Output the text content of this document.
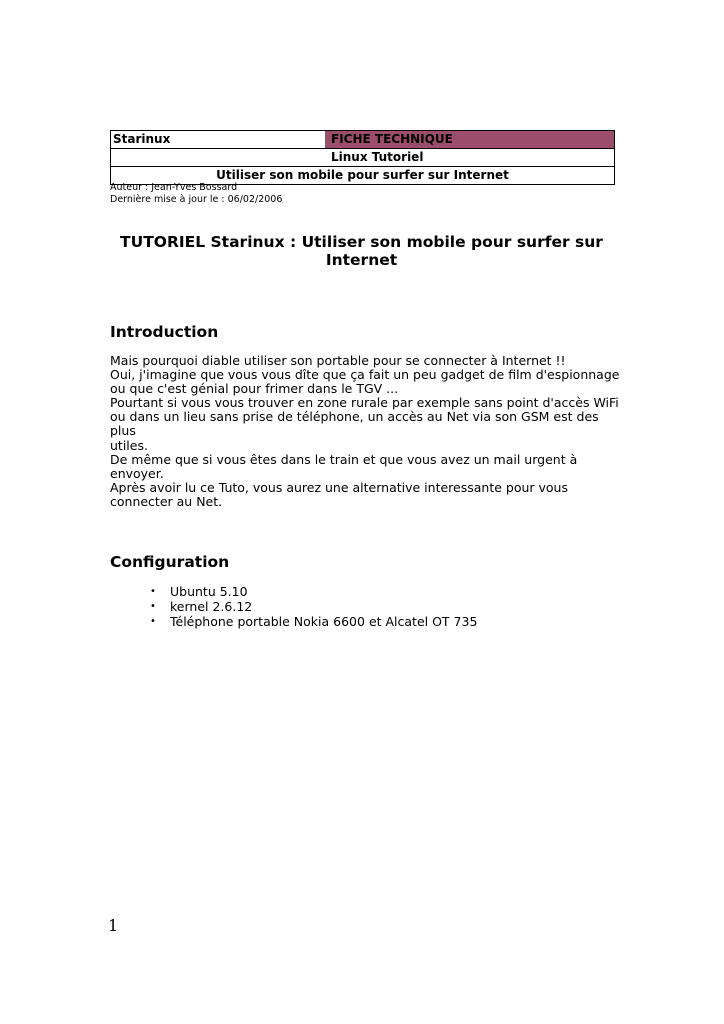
Starinux	FICHE TECHNIQUE
Linux Tutoriel
Utiliser son mobile pour surfer sur Internet
Auteur : Jean-Yves Bossard
Dernière mise à jour le : 06/02/2006
TUTORIEL Starinux : Utiliser son mobile pour surfer sur
Internet
Introduction

Mais pourquoi diable utiliser son portable pour se connecter à Internet !!

Oui, j'imagine que vous vous dîte que ça fait un peu gadget de film d'espionnage

ou que c'est génial pour frimer dans le TGV ...

Pourtant si vous vous trouver en zone rurale par exemple sans point d'accès WiFi

ou dans un lieu sans prise de téléphone, un accès au Net via son GSM est des plus

utiles.

De même que si vous êtes dans le train et que vous avez un mail urgent à

envoyer.

Après avoir lu ce Tuto, vous aurez une alternative interessante pour vous

connecter au Net.

Configuration
• Ubuntu 5.10
• kernel 2.6.12
• Téléphone portable Nokia 6600 et Alcatel OT 735
1
